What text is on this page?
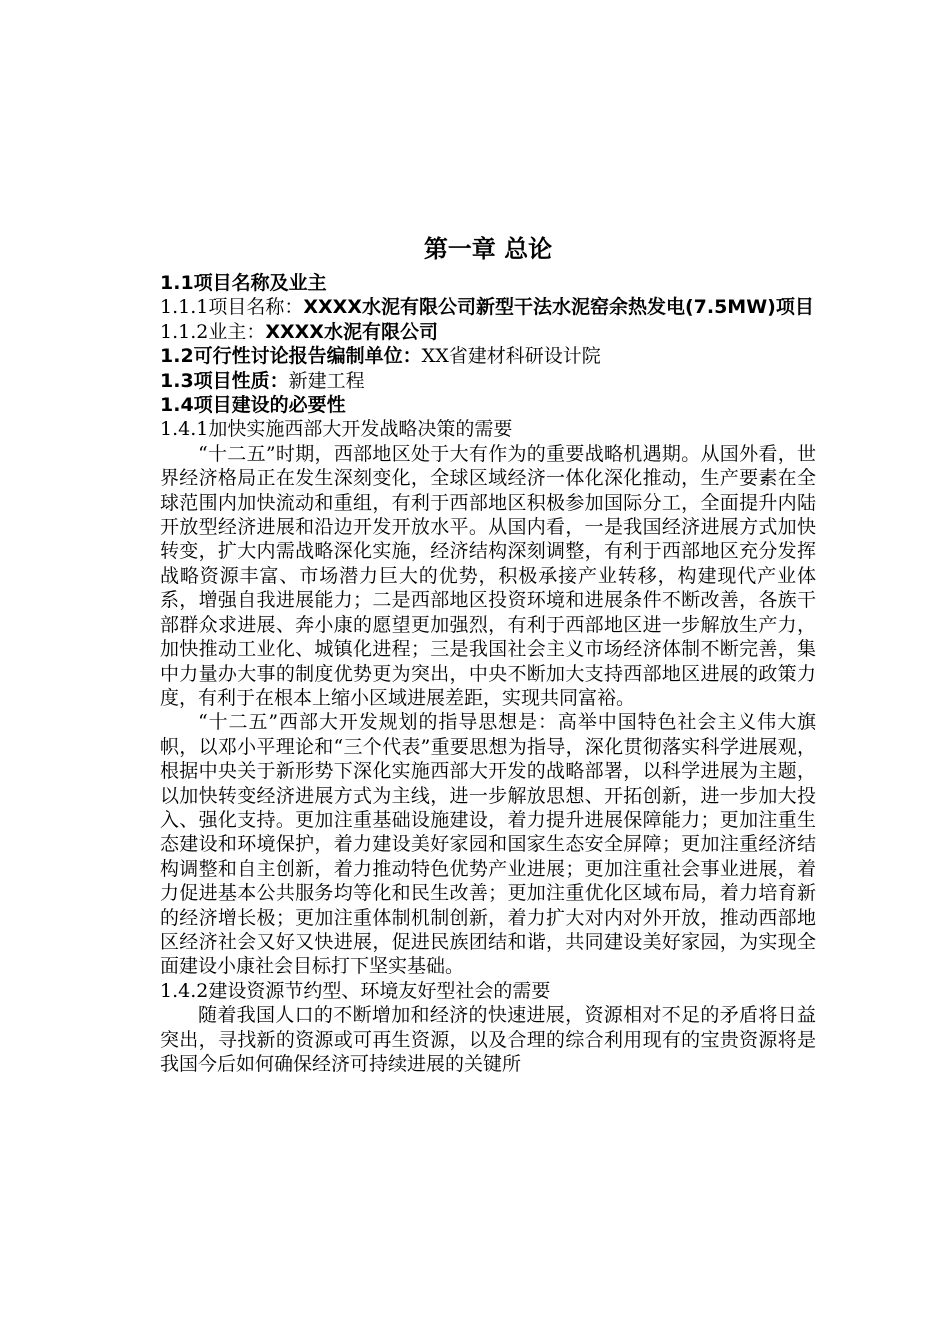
第一章 总论

1.1项目名称及业主

1.1.1项目名称：XXXX水泥有限公司新型干法水泥窑余热发电(7.5MW)项目

1.1.2业主：XXXX水泥有限公司

1.2可行性讨论报告编制单位：XX省建材科研设计院

1.3项目性质：新建工程

1.4项目建设的必要性

1.4.1加快实施西部大开发战略决策的需要

“十二五”时期，西部地区处于大有作为的重要战略机遇期。从国外看，世界经济格局正在发生深刻变化，全球区域经济一体化深化推动，生产要素在全球范围内加快流动和重组，有利于西部地区积极参加国际分工，全面提升内陆开放型经济进展和沿边开发开放水平。从国内看，一是我国经济进展方式加快转变，扩大内需战略深化实施，经济结构深刻调整，有利于西部地区充分发挥战略资源丰富、市场潜力巨大的优势，积极承接产业转移，构建现代产业体系，增强自我进展能力；二是西部地区投资环境和进展条件不断改善，各族干部群众求进展、奔小康的愿望更加强烈，有利于西部地区进一步解放生产力，加快推动工业化、城镇化进程；三是我国社会主义市场经济体制不断完善，集中力量办大事的制度优势更为突出，中央不断加大支持西部地区进展的政策力度，有利于在根本上缩小区域进展差距，实现共同富裕。

“十二五”西部大开发规划的指导思想是：高举中国特色社会主义伟大旗帜，以邓小平理论和“三个代表”重要思想为指导，深化贯彻落实科学进展观，根据中央关于新形势下深化实施西部大开发的战略部署，以科学进展为主题，以加快转变经济进展方式为主线，进一步解放思想、开拓创新，进一步加大投入、强化支持。更加注重基础设施建设，着力提升进展保障能力；更加注重生态建设和环境保护，着力建设美好家园和国家生态安全屏障；更加注重经济结构调整和自主创新，着力推动特色优势产业进展；更加注重社会事业进展，着力促进基本公共服务均等化和民生改善；更加注重优化区域布局，着力培育新的经济增长极；更加注重体制机制创新，着力扩大对内对外开放，推动西部地区经济社会又好又快进展，促进民族团结和谐，共同建设美好家园，为实现全面建设小康社会目标打下坚实基础。

1.4.2建设资源节约型、环境友好型社会的需要

随着我国人口的不断增加和经济的快速进展，资源相对不足的矛盾将日益突出，寻找新的资源或可再生资源，以及合理的综合利用现有的宝贵资源将是我国今后如何确保经济可持续进展的关键所
